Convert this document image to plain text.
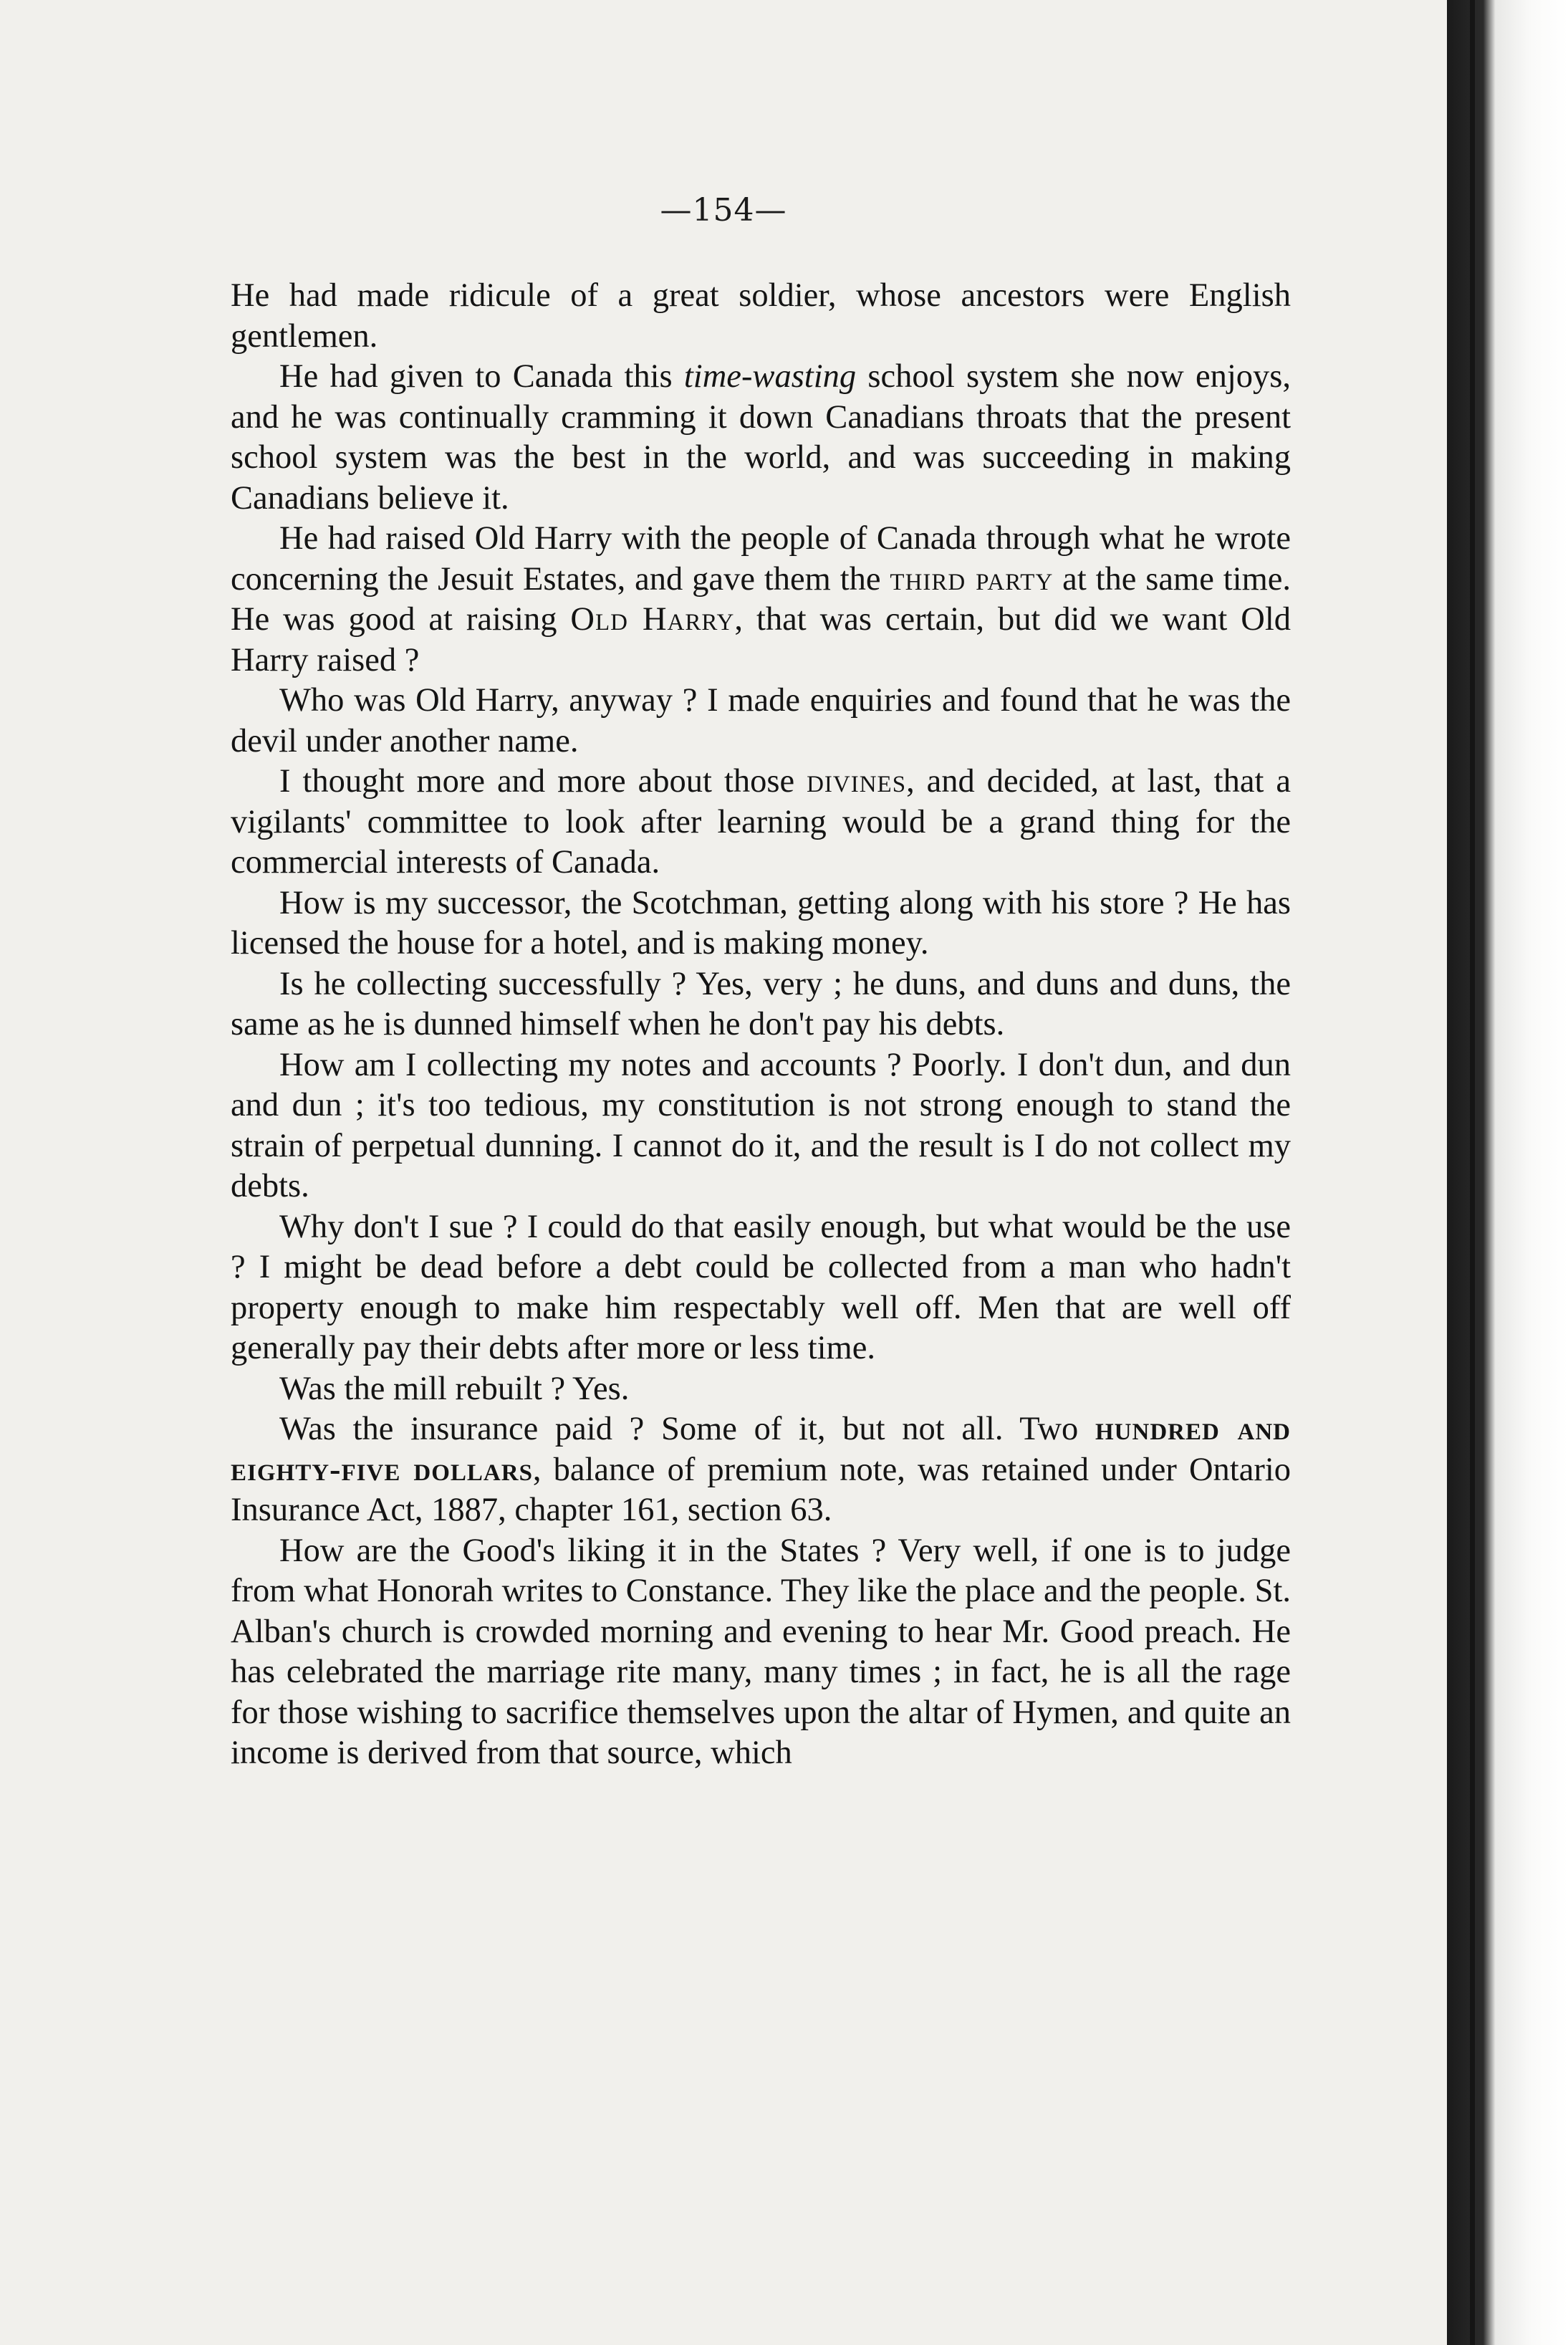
—154—

He had made ridicule of a great soldier, whose ancestors were English gentlemen.

He had given to Canada this time-wasting school system she now enjoys, and he was continually cramming it down Canadians throats that the present school system was the best in the world, and was succeeding in making Canadians believe it.

He had raised Old Harry with the people of Canada through what he wrote concerning the Jesuit Estates, and gave them the third party at the same time. He was good at raising Old Harry, that was certain, but did we want Old Harry raised ?

Who was Old Harry, anyway ? I made enquiries and found that he was the devil under another name.

I thought more and more about those divines, and decided, at last, that a vigilants' committee to look after learning would be a grand thing for the commercial interests of Canada.

How is my successor, the Scotchman, getting along with his store ? He has licensed the house for a hotel, and is making money.

Is he collecting successfully ? Yes, very ; he duns, and duns and duns, the same as he is dunned himself when he don't pay his debts.

How am I collecting my notes and accounts ? Poorly. I don't dun, and dun and dun ; it's too tedious, my constitution is not strong enough to stand the strain of perpetual dunning. I cannot do it, and the result is I do not collect my debts.

Why don't I sue ? I could do that easily enough, but what would be the use ? I might be dead before a debt could be collected from a man who hadn't property enough to make him respectably well off. Men that are well off generally pay their debts after more or less time.

Was the mill rebuilt ? Yes.

Was the insurance paid ? Some of it, but not all. Two hundred and eighty-five dollars, balance of premium note, was retained under Ontario Insurance Act, 1887, chapter 161, section 63.

How are the Good's liking it in the States ? Very well, if one is to judge from what Honorah writes to Constance. They like the place and the people. St. Alban's church is crowded morning and evening to hear Mr. Good preach. He has celebrated the marriage rite many, many times ; in fact, he is all the rage for those wishing to sacrifice themselves upon the altar of Hymen, and quite an income is derived from that source, which
